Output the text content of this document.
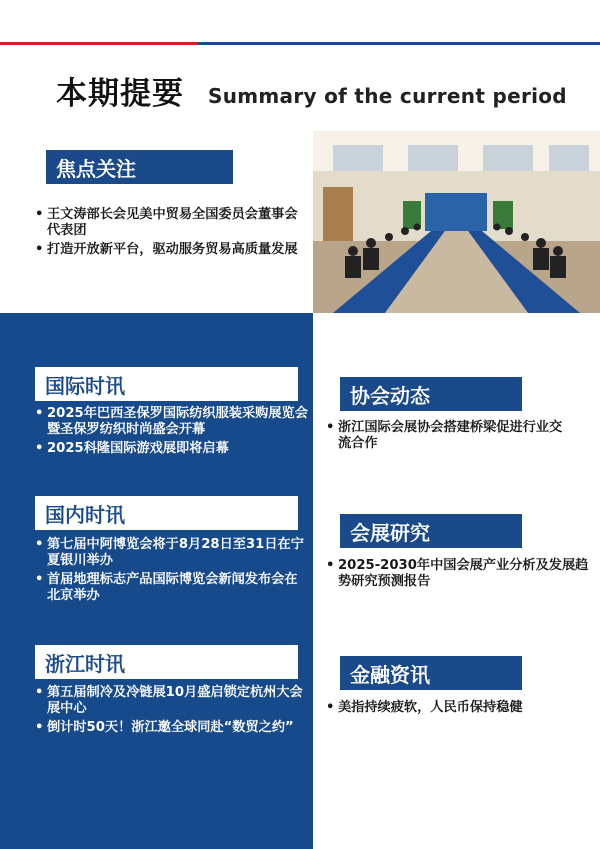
本期提要 Summary of the current period
焦点关注
• 王文涛部长会见美中贸易全国委员会董事会代表团
• 打造开放新平台，驱动服务贸易高质量发展
国际时讯
• 2025年巴西圣保罗国际纺织服装采购展览会暨圣保罗纺织时尚盛会开幕
• 2025科隆国际游戏展即将启幕
国内时讯
• 第七届中阿博览会将于8月28日至31日在宁夏银川举办
• 首届地理标志产品国际博览会新闻发布会在北京举办
浙江时讯
• 第五届制冷及冷链展10月盛启锁定杭州大会展中心
• 倒计时50天！浙江邀全球同赴“数贸之约”
协会动态
• 浙江国际会展协会搭建桥梁促进行业交流合作
会展研究
• 2025-2030年中国会展产业分析及发展趋势研究预测报告
金融资讯
• 美指持续疲软，人民币保持稳健
